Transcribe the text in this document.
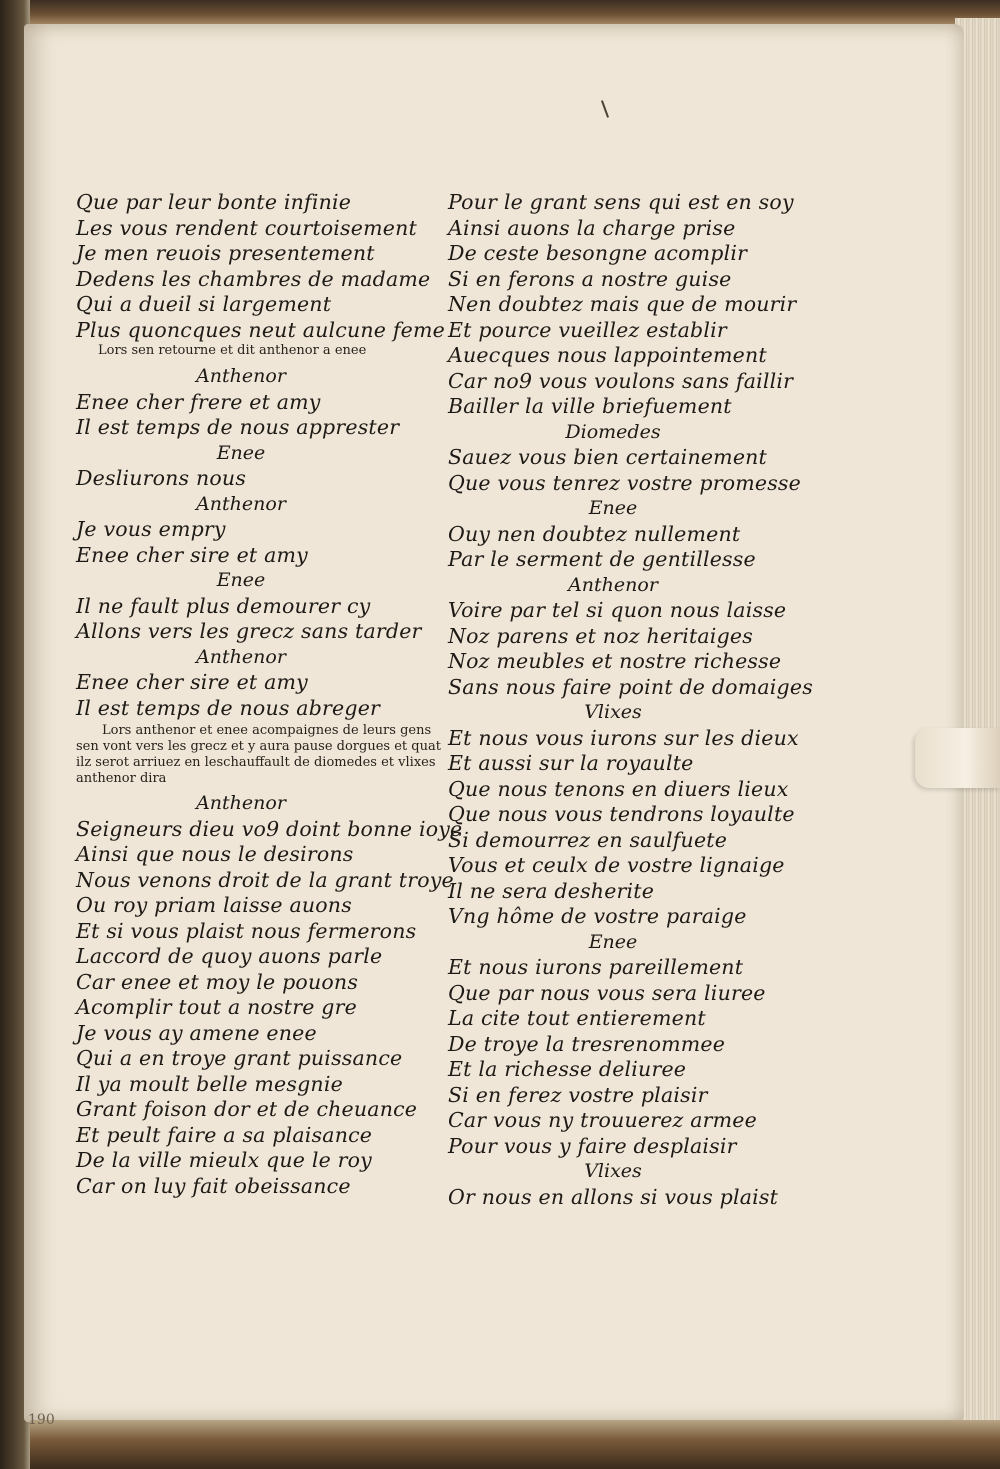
Que par leur bonte infinie
Les vous rendent courtoisement
Je men reuois presentement
Dedens les chambres de madame
Qui a dueil si largement
Plus quoncques neut aulcune feme
Lors sen retourne et dit anthenor a enee
Anthenor
Enee cher frere et amy
Il est temps de nous apprester
Enee
Desliurons nous
Anthenor
Je vous empry
Enee cher sire et amy
Enee
Il ne fault plus demourer cy
Allons vers les grecz sans tarder
Anthenor
Enee cher sire et amy
Il est temps de nous abreger
Lors anthenor et enee acompaignes de leurs gens
sen vont vers les grecz et y aura pause dorgues et quat
ilz serot arriuez en leschauffault de diomedes et vlixes
anthenor dira
Anthenor
Seigneurs dieu vo9 doint bonne ioye
Ainsi que nous le desirons
Nous venons droit de la grant troye
Ou roy priam laisse auons
Et si vous plaist nous fermerons
Laccord de quoy auons parle
Car enee et moy le pouons
Acomplir tout a nostre gre
Je vous ay amene enee
Qui a en troye grant puissance
Il ya moult belle mesgnie
Grant foison dor et de cheuance
Et peult faire a sa plaisance
De la ville mieulx que le roy
Car on luy fait obeissance
Pour le grant sens qui est en soy
Ainsi auons la charge prise
De ceste besongne acomplir
Si en ferons a nostre guise
Nen doubtez mais que de mourir
Et pource vueillez establir
Auecques nous lappointement
Car no9 vous voulons sans faillir
Bailler la ville briefuement
Diomedes
Sauez vous bien certainement
Que vous tenrez vostre promesse
Enee
Ouy nen doubtez nullement
Par le serment de gentillesse
Anthenor
Voire par tel si quon nous laisse
Noz parens et noz heritaiges
Noz meubles et nostre richesse
Sans nous faire point de domaiges
Vlixes
Et nous vous iurons sur les dieux
Et aussi sur la royaulte
Que nous tenons en diuers lieux
Que nous vous tendrons loyaulte
Si demourrez en saulfuete
Vous et ceulx de vostre lignaige
Il ne sera desherite
Vng hôme de vostre paraige
Enee
Et nous iurons pareillement
Que par nous vous sera liuree
La cite tout entierement
De troye la tresrenommee
Et la richesse deliuree
Si en ferez vostre plaisir
Car vous ny trouuerez armee
Pour vous y faire desplaisir
Vlixes
Or nous en allons si vous plaist
190
